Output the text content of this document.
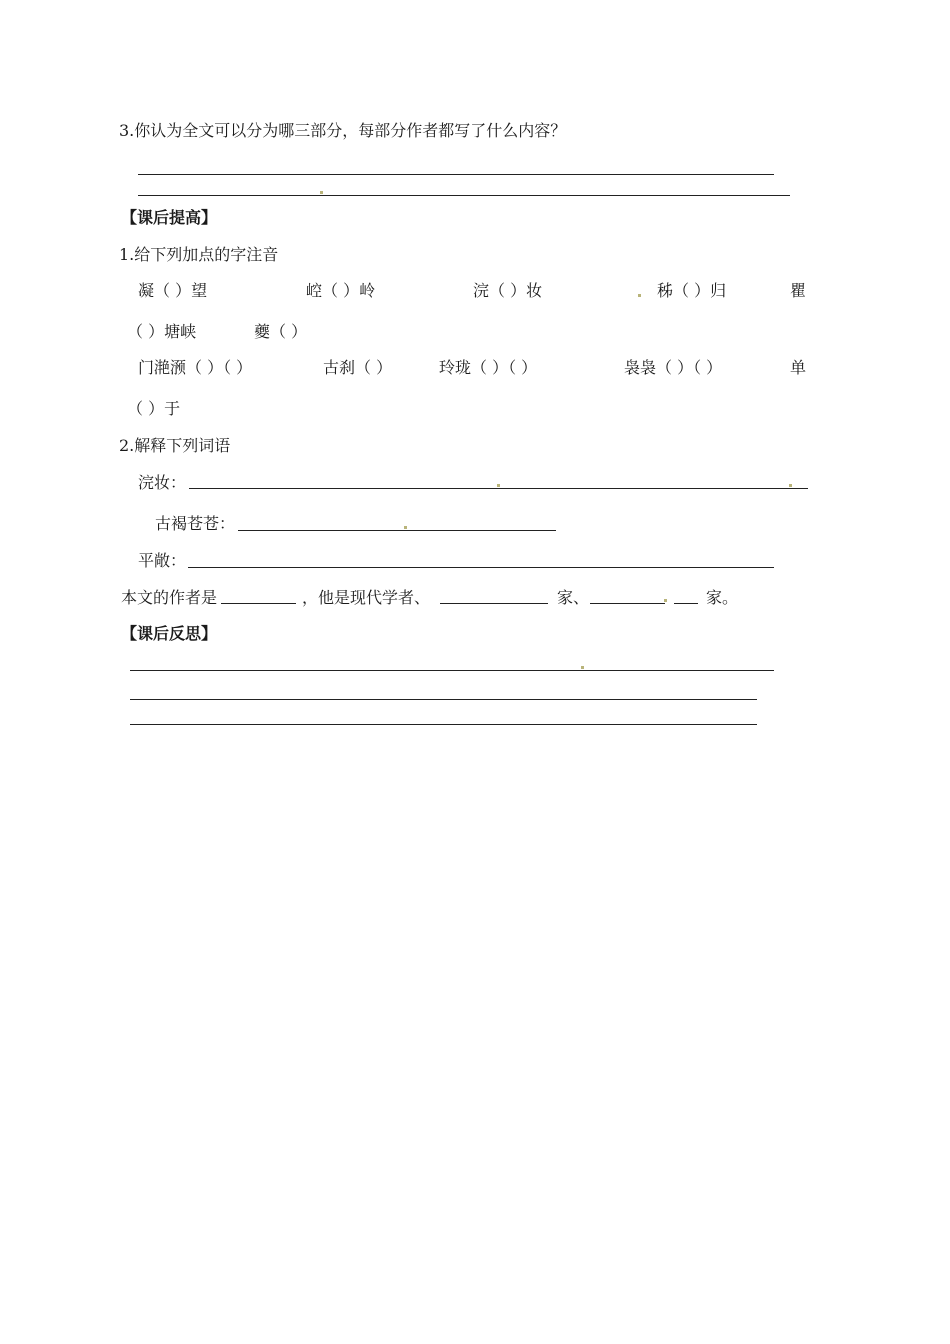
3.你认为全文可以分为哪三部分，每部分作者都写了什么内容？
【课后提高】
1.给下列加点的字注音
凝（ ）望	崆（ ）岭	浣（ ）妆	秭（ ）归	瞿
（ ）塘峡	夔（ ）
门滟滪（ ）（ ）	古刹（ ）	玲珑（ ）（ ）	袅袅（ ）（ ）	单
（ ）于
2.解释下列词语
浣妆：
古褐苍苍：
平敞：
本文的作者是	，他是现代学者、	家、	家。
【课后反思】
